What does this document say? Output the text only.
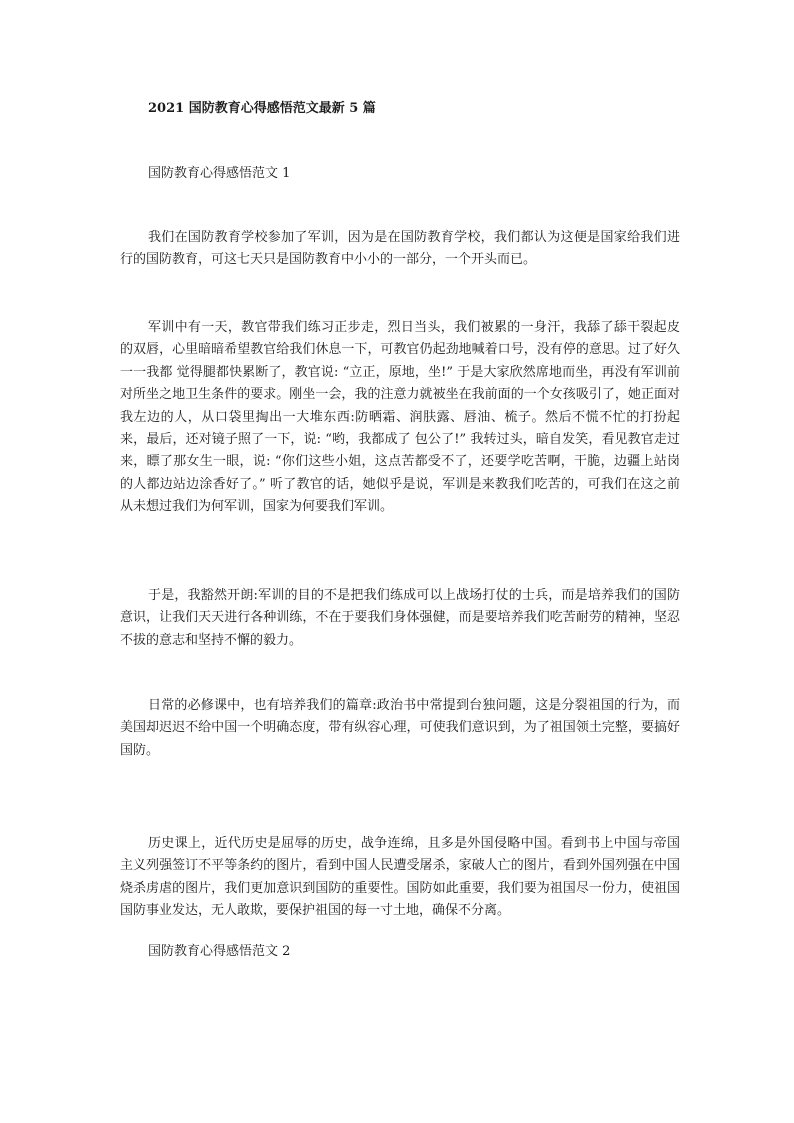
2021 国防教育心得感悟范文最新 5 篇

国防教育心得感悟范文 1

我们在国防教育学校参加了军训，因为是在国防教育学校，我们都认为这便是国家给我们进行的国防教育，可这七天只是国防教育中小小的一部分，一个开头而已。

军训中有一天，教官带我们练习正步走，烈日当头，我们被累的一身汗，我舔了舔干裂起皮的双唇，心里暗暗希望教官给我们休息一下，可教官仍起劲地喊着口号，没有停的意思。过了好久一一我都 觉得腿都快累断了，教官说: “立正，原地，坐!” 于是大家欣然席地而坐，再没有军训前对所坐之地卫生条件的要求。刚坐一会，我的注意力就被坐在我前面的一个女孩吸引了，她正面对我左边的人，从口袋里掏出一大堆东西:防晒霜、润肤露、唇油、梳子。然后不慌不忙的打扮起来，最后，还对镜子照了一下，说: “哟，我都成了 包公了!” 我转过头，暗自发笑，看见教官走过来，瞟了那女生一眼，说: “你们这些小姐，这点苦都受不了，还要学吃苦啊，干脆，边疆上站岗的人都边站边涂香好了。” 听了教官的话，她似乎是说，军训是来教我们吃苦的，可我们在这之前从未想过我们为何军训，国家为何要我们军训。

于是，我豁然开朗:军训的目的不是把我们练成可以上战场打仗的士兵，而是培养我们的国防意识，让我们天天进行各种训练，不在于要我们身体强健，而是要培养我们吃苦耐劳的精神，坚忍不拔的意志和坚持不懈的毅力。

日常的必修课中，也有培养我们的篇章:政治书中常提到台独问题，这是分裂祖国的行为，而美国却迟迟不给中国一个明确态度，带有纵容心理，可使我们意识到，为了祖国领土完整，要搞好国防。

历史课上，近代历史是屈辱的历史，战争连绵，且多是外国侵略中国。看到书上中国与帝国主义列强签订不平等条约的图片，看到中国人民遭受屠杀，家破人亡的图片，看到外国列强在中国烧杀虏虐的图片，我们更加意识到国防的重要性。国防如此重要，我们要为祖国尽一份力，使祖国国防事业发达，无人敢欺，要保护祖国的每一寸土地，确保不分离。

国防教育心得感悟范文 2
